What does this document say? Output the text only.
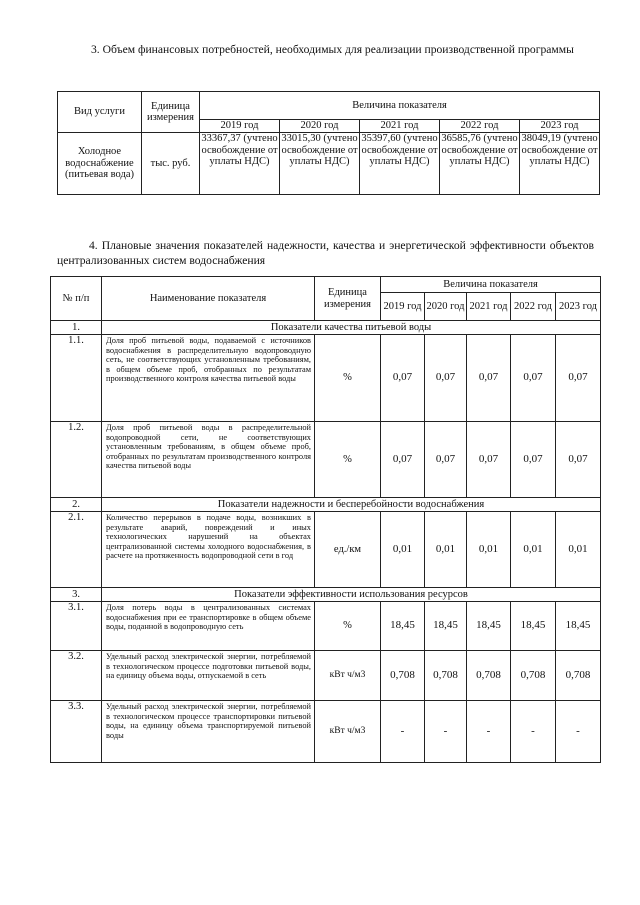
3. Объем финансовых потребностей, необходимых для реализации производственной программы
Вид услуги	Единица измерения	Величина показателя				
		2019 год	2020 год	2021 год	2022 год	2023 год
Холодное водоснабжение (питьевая вода)	тыс. руб.	33367,37 (учтено освобождение от уплаты НДС)	33015,30 (учтено освобождение от уплаты НДС)	35397,60 (учтено освобождение от уплаты НДС)	36585,76 (учтено освобождение от уплаты НДС)	38049,19 (учтено освобождение от уплаты НДС)
4. Плановые значения показателей надежности, качества и энергетической эффективности объектов централизованных систем водоснабжения
№ п/п	Наименование показателя	Единица измерения	Величина показателя				
			2019 год	2020 год	2021 год	2022 год	2023 год
1.	Показатели качества питьевой воды						
1.1.	Доля проб питьевой воды, подаваемой с источников водоснабжения в распределительную водопроводную сеть, не соответствующих установленным требованиям, в общем объеме проб, отобранных по результатам производственного контроля качества питьевой воды	%	0,07	0,07	0,07	0,07	0,07
1.2.	Доля проб питьевой воды в распределительной водопроводной сети, не соответствующих установленным требованиям, в общем объеме проб, отобранных по результатам производственного контроля качества питьевой воды	%	0,07	0,07	0,07	0,07	0,07
2.	Показатели надежности и бесперебойности водоснабжения						
2.1.	Количество перерывов в подаче воды, возникших в результате аварий, повреждений и иных технологических нарушений на объектах централизованной системы холодного водоснабжения, в расчете на протяженность водопроводной сети в год	ед./км	0,01	0,01	0,01	0,01	0,01
3.	Показатели эффективности использования ресурсов						
3.1.	Доля потерь воды в централизованных системах водоснабжения при ее транспортировке в общем объеме воды, поданной в водопроводную сеть	%	18,45	18,45	18,45	18,45	18,45
3.2.	Удельный расход электрической энергии, потребляемой в технологическом процессе подготовки питьевой воды, на единицу объема воды, отпускаемой в сеть	кВт ч/м3	0,708	0,708	0,708	0,708	0,708
3.3.	Удельный расход электрической энергии, потребляемой в технологическом процессе транспортировки питьевой воды, на единицу объема транспортируемой питьевой воды	кВт ч/м3	-	-	-	-	-
